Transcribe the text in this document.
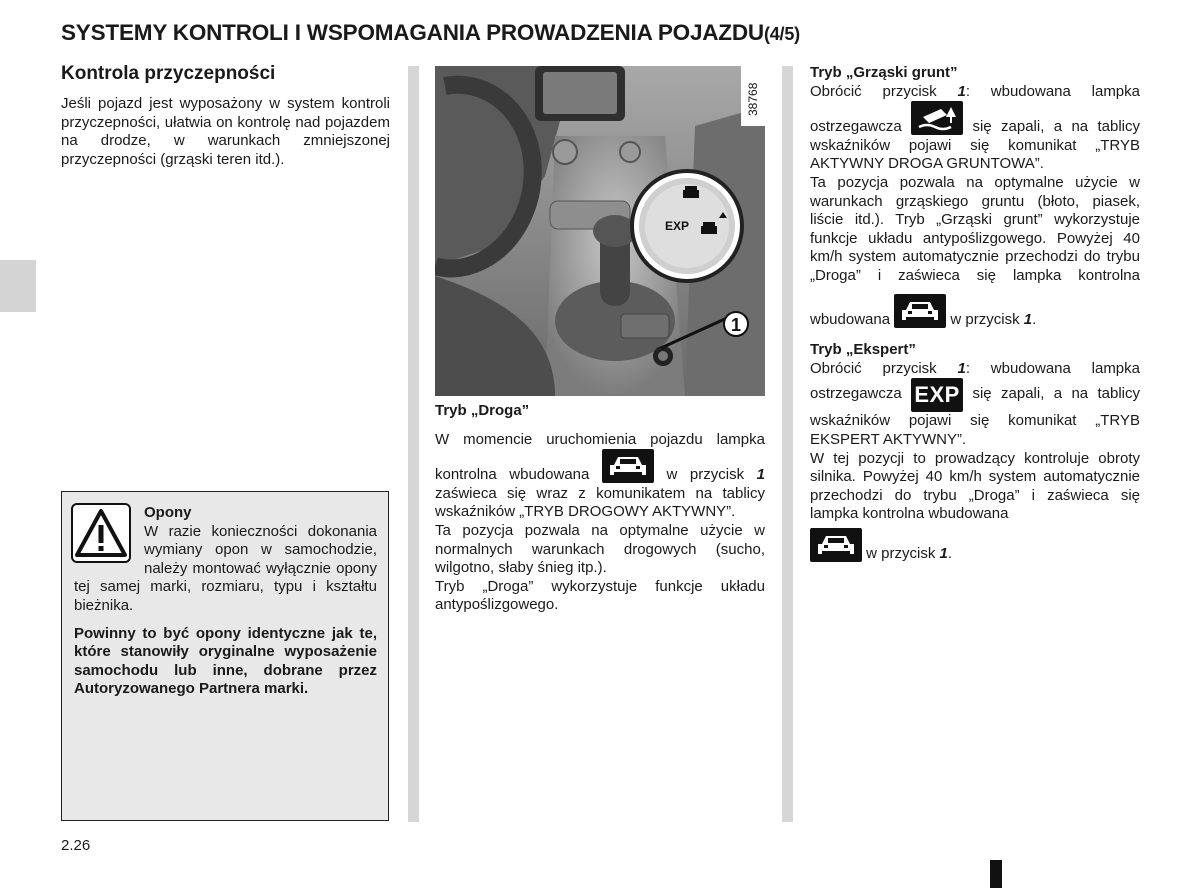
SYSTEMY KONTROLI I WSPOMAGANIA PROWADZENIA POJAZDU(4/5)
Kontrola przyczepności
Jeśli pojazd jest wyposażony w system kontroli przyczepności, ułatwia on kontrolę nad pojazdem na drodze, w warunkach zmniejszonej przyczepności (grząski teren itd.).

Opony

W razie konieczności dokonania wymiany opon w samochodzie, należy montować wyłącznie opony tej samej marki, rozmiaru, typu i kształtu bieżnika.

Powinny to być opony identyczne jak te, które stanowiły oryginalne wyposażenie samochodu lub inne, dobrane przez Autoryzowanego Partnera marki.

EXP
1
38768

Tryb „Droga”

W momencie uruchomienia pojazdu lampka kontrolna wbudowana	w przycisk 1 zaświeca się wraz z komunikatem na tablicy wskaźników „TRYB DROGOWY AKTYWNY”.

Ta pozycja pozwala na optymalne użycie w normalnych warunkach drogowych (sucho, wilgotno, słaby śnieg itp.).

Tryb „Droga” wykorzystuje funkcje układu antypoślizgowego.

Tryb „Grząski grunt”

Obrócić przycisk 1: wbudowana lampka ostrzegawcza	się zapali, a na tablicy wskaźników pojawi się komunikat „TRYB AKTYWNY DROGA GRUNTOWA”.

Ta pozycja pozwala na optymalne użycie w warunkach grząskiego gruntu (błoto, piasek, liście itd.). Tryb „Grząski grunt” wykorzystuje funkcje układu antypoślizgowego. Powyżej 40 km/h system automatycznie przechodzi do trybu „Droga” i zaświeca się lampka kontrolna wbudowana	w przycisk 1.

Tryb „Ekspert”

Obrócić przycisk 1: wbudowana lampka ostrzegawcza EXP się zapali, a na tablicy wskaźników pojawi się komunikat „TRYB EKSPERT AKTYWNY”.

W tej pozycji to prowadzący kontroluje obroty silnika. Powyżej 40 km/h system automatycznie przechodzi do trybu „Droga” i zaświeca się lampka kontrolna wbudowana

w przycisk 1.

2.26
